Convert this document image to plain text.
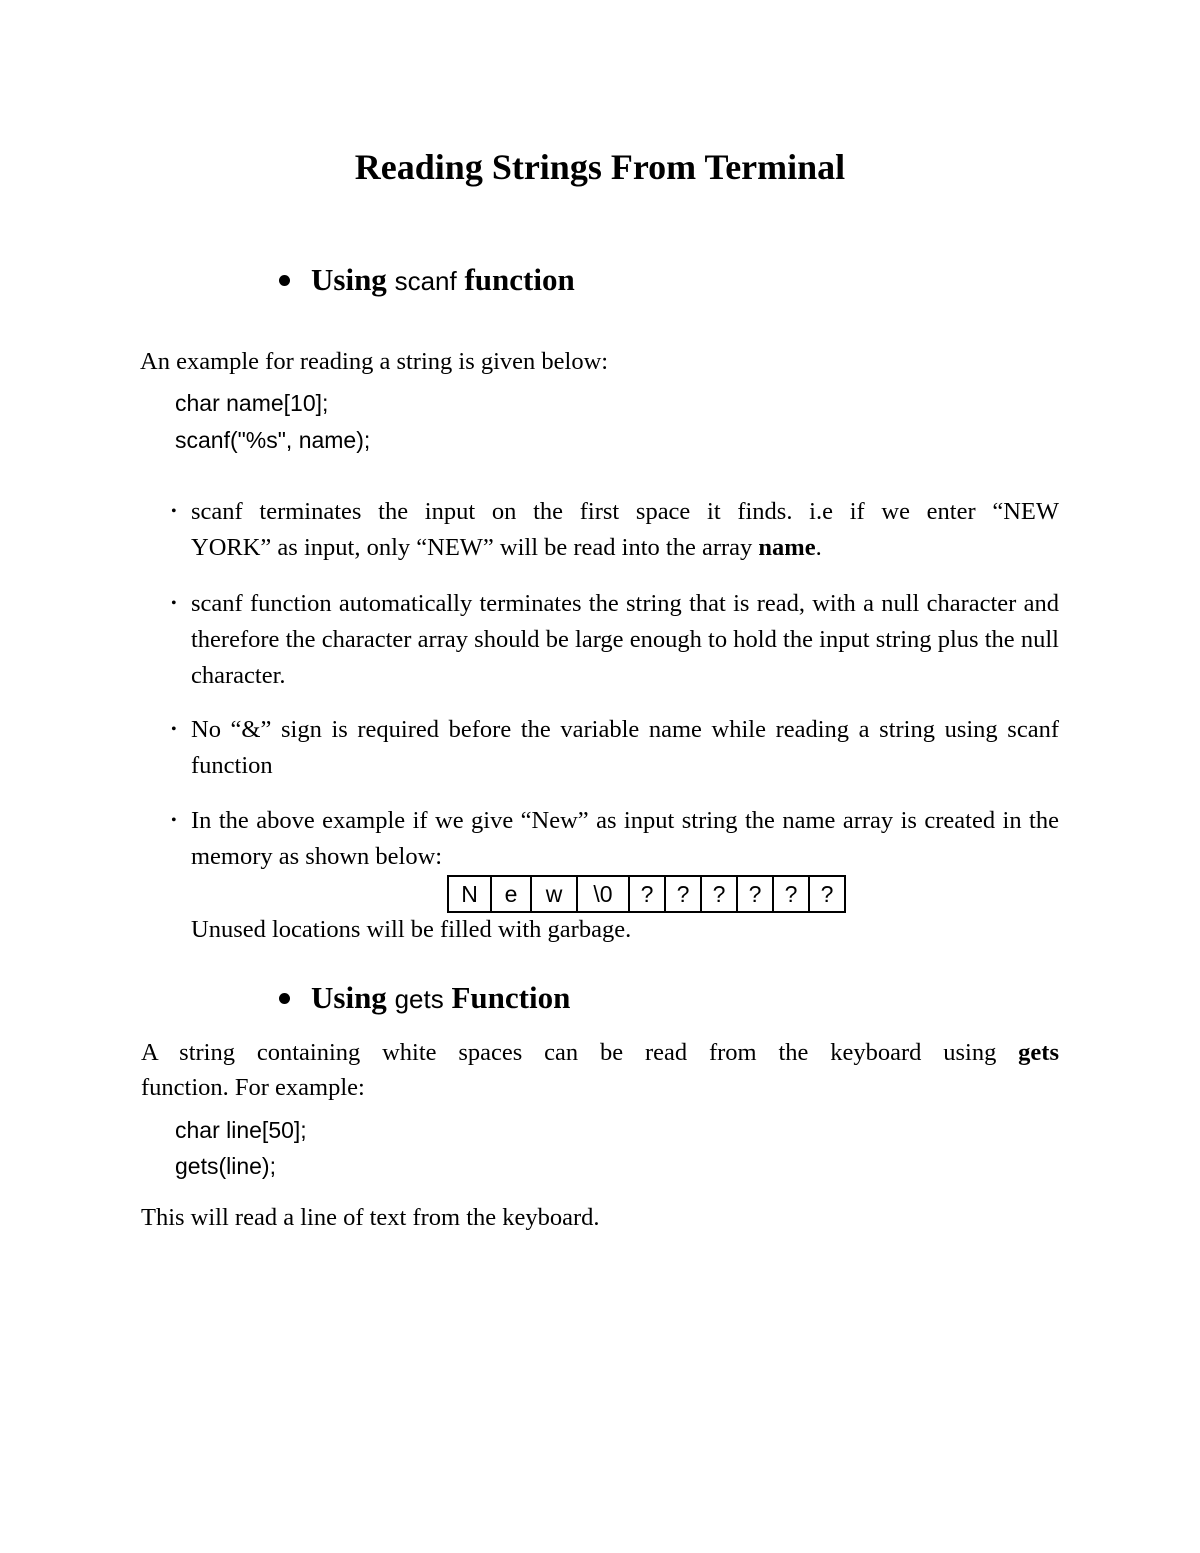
Reading Strings From Terminal
Using scanf function
An example for reading a string is given below:
char name[10];
scanf("%s", name);
• scanf terminates the input on the first space it finds. i.e if we enter “NEW
YORK” as input, only “NEW” will be read into the array name.
• scanf function automatically terminates the string that is read, with a null character and therefore the character array should be large enough to hold the input string plus the null character.
• No “&” sign is required before the variable name while reading a string using scanf function
• In the above example if we give “New” as input string the name array is created in the memory as shown below:
N	e	w	\0	?	?	?	?	?	?
Unused locations will be filled with garbage.
Using gets Function
A string containing white spaces can be read from the keyboard using gets
function. For example:
char line[50];
gets(line);
This will read a line of text from the keyboard.
